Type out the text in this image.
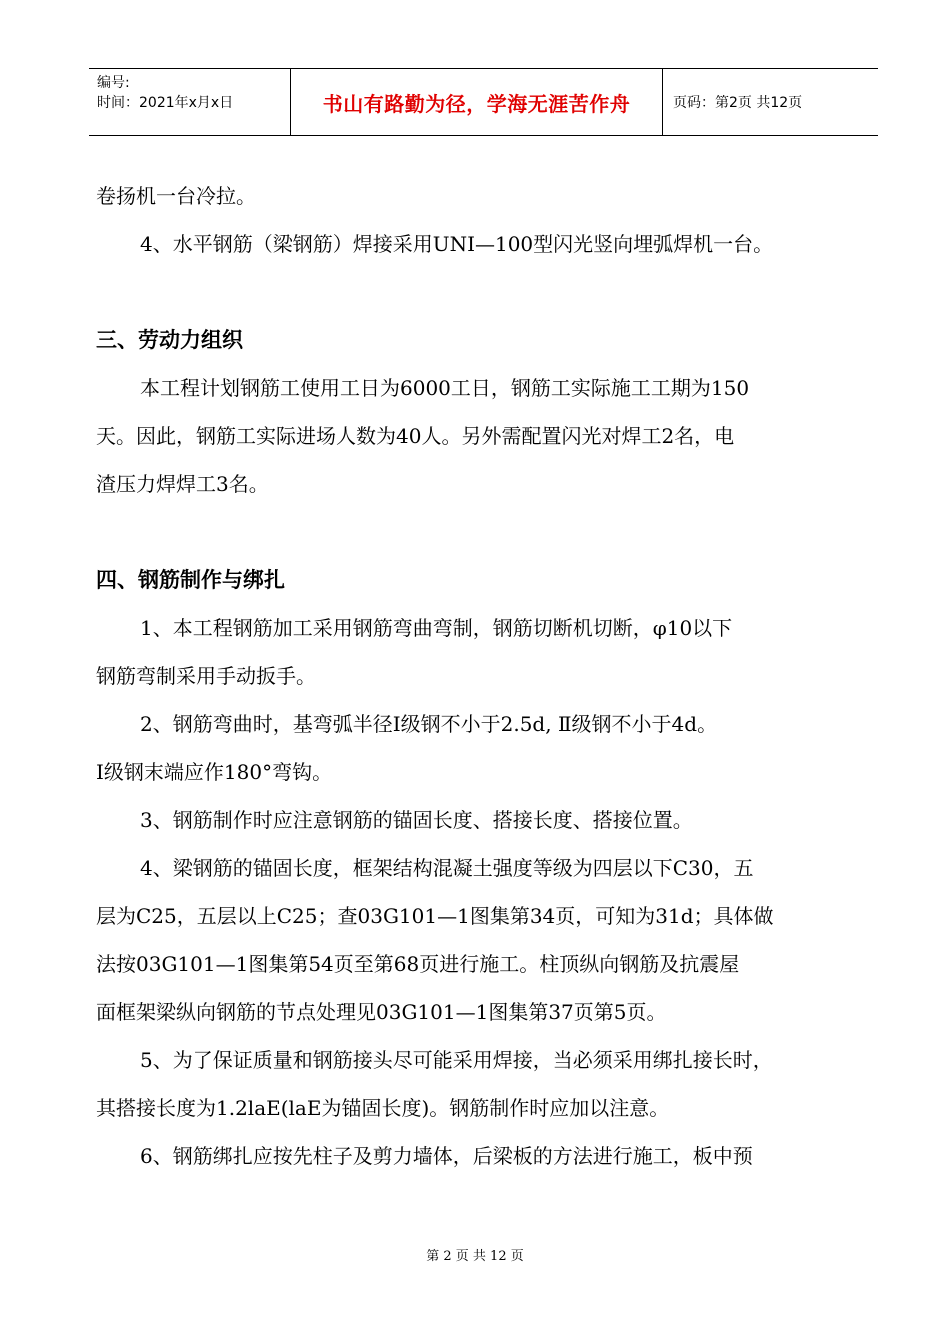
编号:
时间：2021年x月x日	书山有路勤为径，学海无涯苦作舟	页码：第2页 共12页

卷扬机一台冷拉。

4、水平钢筋（梁钢筋）焊接采用UNI—100型闪光竖向埋弧焊机一台。

三、劳动力组织

本工程计划钢筋工使用工日为6000工日，钢筋工实际施工工期为150

天。因此，钢筋工实际进场人数为40人。另外需配置闪光对焊工2名，电

渣压力焊焊工3名。

四、钢筋制作与绑扎

1、本工程钢筋加工采用钢筋弯曲弯制，钢筋切断机切断，φ10以下

钢筋弯制采用手动扳手。

2、钢筋弯曲时，基弯弧半径Ⅰ级钢不小于2.5d, Ⅱ级钢不小于4d。

Ⅰ级钢末端应作180°弯钩。

3、钢筋制作时应注意钢筋的锚固长度、搭接长度、搭接位置。

4、梁钢筋的锚固长度，框架结构混凝土强度等级为四层以下C30，五

层为C25，五层以上C25；查03G101—1图集第34页，可知为31d；具体做

法按03G101—1图集第54页至第68页进行施工。柱顶纵向钢筋及抗震屋

面框架梁纵向钢筋的节点处理见03G101—1图集第37页第5页。

5、为了保证质量和钢筋接头尽可能采用焊接，当必须采用绑扎接长时，

其搭接长度为1.2laE(laE为锚固长度)。钢筋制作时应加以注意。

6、钢筋绑扎应按先柱子及剪力墙体，后梁板的方法进行施工，板中预

第 2 页 共 12 页
